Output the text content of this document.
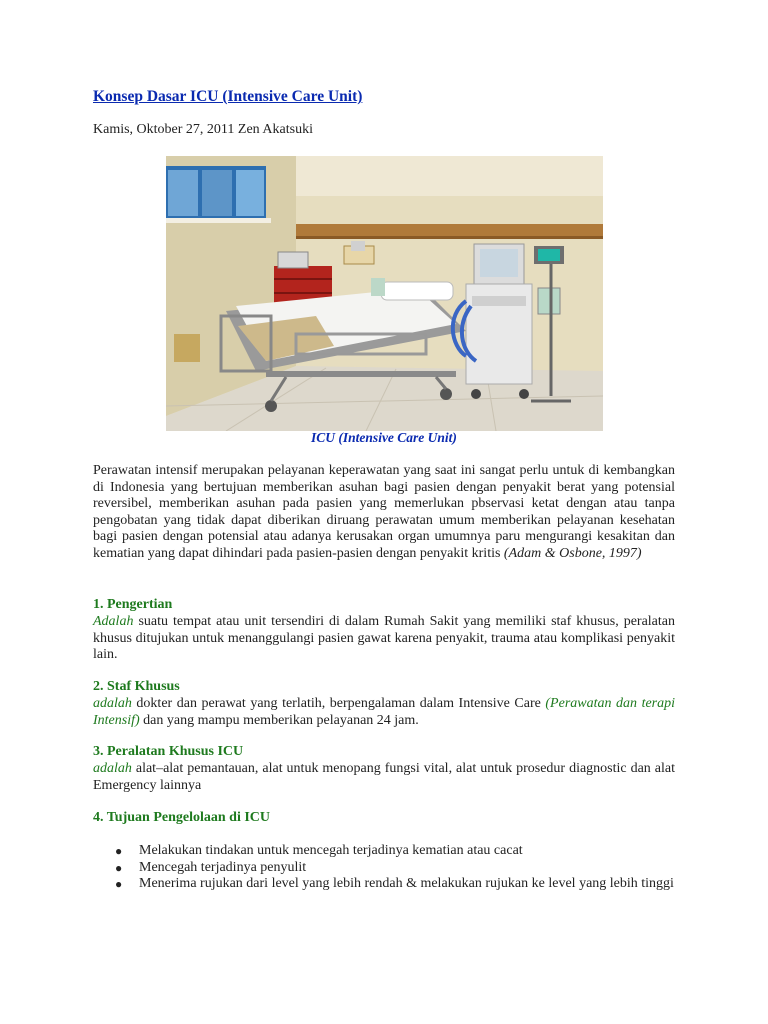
Konsep Dasar ICU (Intensive Care Unit)
Kamis, Oktober 27, 2011 Zen Akatsuki
ICU (Intensive Care Unit)
Perawatan intensif merupakan pelayanan keperawatan yang saat ini sangat perlu untuk di kembangkan di Indonesia yang bertujuan memberikan asuhan bagi pasien dengan penyakit berat yang potensial reversibel, memberikan asuhan pada pasien yang memerlukan pbservasi ketat dengan atau tanpa pengobatan yang tidak dapat diberikan diruang perawatan umum memberikan pelayanan kesehatan bagi pasien dengan potensial atau adanya kerusakan organ umumnya paru mengurangi kesakitan dan kematian yang dapat dihindari pada pasien-pasien dengan penyakit kritis (Adam & Osbone, 1997)
1. Pengertian
Adalah suatu tempat atau unit tersendiri di dalam Rumah Sakit yang memiliki staf khusus, peralatan khusus ditujukan untuk menanggulangi pasien gawat karena penyakit, trauma atau komplikasi penyakit lain.
2. Staf Khusus
adalah dokter dan perawat yang terlatih, berpengalaman dalam Intensive Care (Perawatan dan terapi Intensif) dan yang mampu memberikan pelayanan 24 jam.
3. Peralatan Khusus ICU
adalah alat–alat pemantauan, alat untuk menopang fungsi vital, alat untuk prosedur diagnostic dan alat Emergency lainnya
4. Tujuan Pengelolaan di ICU
● Melakukan tindakan untuk mencegah terjadinya kematian atau cacat
● Mencegah terjadinya penyulit
● Menerima rujukan dari level yang lebih rendah & melakukan rujukan ke level yang lebih tinggi
